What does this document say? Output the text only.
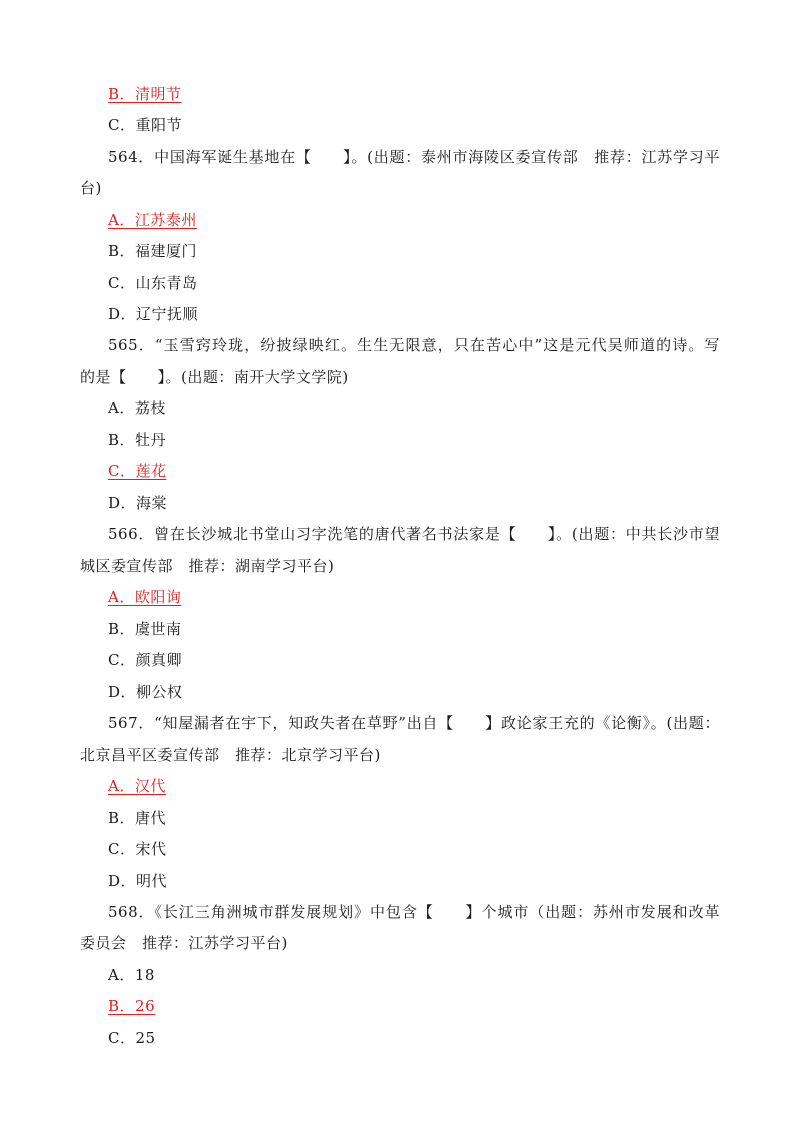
B．清明节
C．重阳节
564．中国海军诞生基地在【　　】。(出题：泰州市海陵区委宣传部　推荐：江苏学习平
台)
A．江苏泰州
B．福建厦门
C．山东青岛
D．辽宁抚顺
565．“玉雪窍玲珑，纷披绿映红。生生无限意，只在苦心中”这是元代吴师道的诗。写
的是【　　】。(出题：南开大学文学院)
A．荔枝
B．牡丹
C．莲花
D．海棠
566．曾在长沙城北书堂山习字洗笔的唐代著名书法家是【　　】。(出题：中共长沙市望
城区委宣传部　推荐：湖南学习平台)
A．欧阳询
B．虞世南
C．颜真卿
D．柳公权
567．“知屋漏者在宇下，知政失者在草野”出自【　　】政论家王充的《论衡》。(出题：
北京昌平区委宣传部　推荐：北京学习平台)
A．汉代
B．唐代
C．宋代
D．明代
568．《长江三角洲城市群发展规划》中包含【　　】个城市（出题：苏州市发展和改革
委员会　推荐：江苏学习平台)
A．18
B．26
C．25
